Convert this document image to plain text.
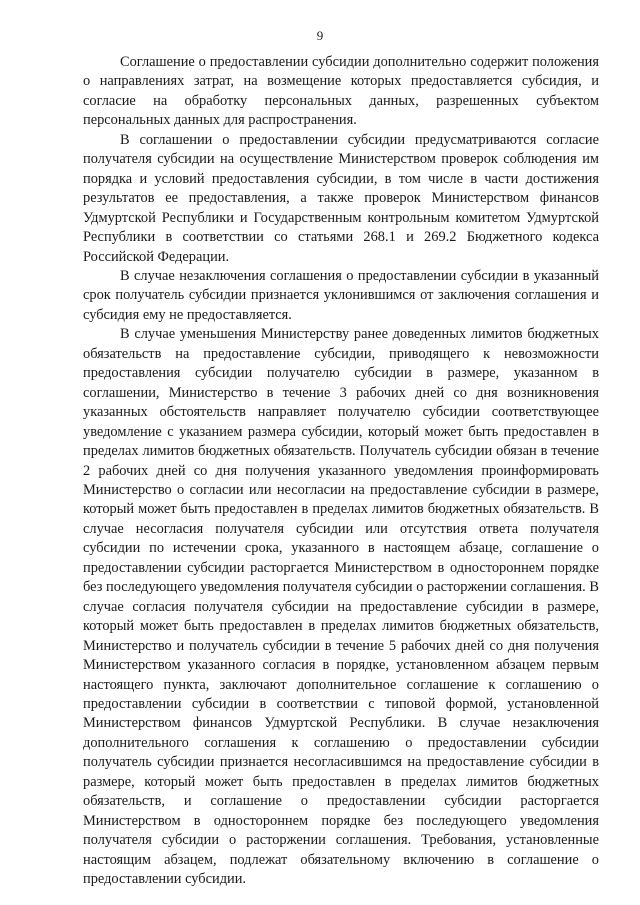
9

Соглашение о предоставлении субсидии дополнительно содержит положения о направлениях затрат, на возмещение которых предоставляется субсидия, и согласие на обработку персональных данных, разрешенных субъектом персональных данных для распространения.

В соглашении о предоставлении субсидии предусматриваются согласие получателя субсидии на осуществление Министерством проверок соблюдения им порядка и условий предоставления субсидии, в том числе в части достижения результатов ее предоставления, а также проверок Министерством финансов Удмуртской Республики и Государственным контрольным комитетом Удмуртской Республики в соответствии со статьями 268.1 и 269.2 Бюджетного кодекса Российской Федерации.

В случае незаключения соглашения о предоставлении субсидии в указанный срок получатель субсидии признается уклонившимся от заключения соглашения и субсидия ему не предоставляется.

В случае уменьшения Министерству ранее доведенных лимитов бюджетных обязательств на предоставление субсидии, приводящего к невозможности предоставления субсидии получателю субсидии в размере, указанном в соглашении, Министерство в течение 3 рабочих дней со дня возникновения указанных обстоятельств направляет получателю субсидии соответствующее уведомление с указанием размера субсидии, который может быть предоставлен в пределах лимитов бюджетных обязательств. Получатель субсидии обязан в течение 2 рабочих дней со дня получения указанного уведомления проинформировать Министерство о согласии или несогласии на предоставление субсидии в размере, который может быть предоставлен в пределах лимитов бюджетных обязательств. В случае несогласия получателя субсидии или отсутствия ответа получателя субсидии по истечении срока, указанного в настоящем абзаце, соглашение о предоставлении субсидии расторгается Министерством в одностороннем порядке без последующего уведомления получателя субсидии о расторжении соглашения. В случае согласия получателя субсидии на предоставление субсидии в размере, который может быть предоставлен в пределах лимитов бюджетных обязательств, Министерство и получатель субсидии в течение 5 рабочих дней со дня получения Министерством указанного согласия в порядке, установленном абзацем первым настоящего пункта, заключают дополнительное соглашение к соглашению о предоставлении субсидии в соответствии с типовой формой, установленной Министерством финансов Удмуртской Республики. В случае незаключения дополнительного соглашения к соглашению о предоставлении субсидии получатель субсидии признается несогласившимся на предоставление субсидии в размере, который может быть предоставлен в пределах лимитов бюджетных обязательств, и соглашение о предоставлении субсидии расторгается Министерством в одностороннем порядке без последующего уведомления получателя субсидии о расторжении соглашения. Требования, установленные настоящим абзацем, подлежат обязательному включению в соглашение о предоставлении субсидии.
